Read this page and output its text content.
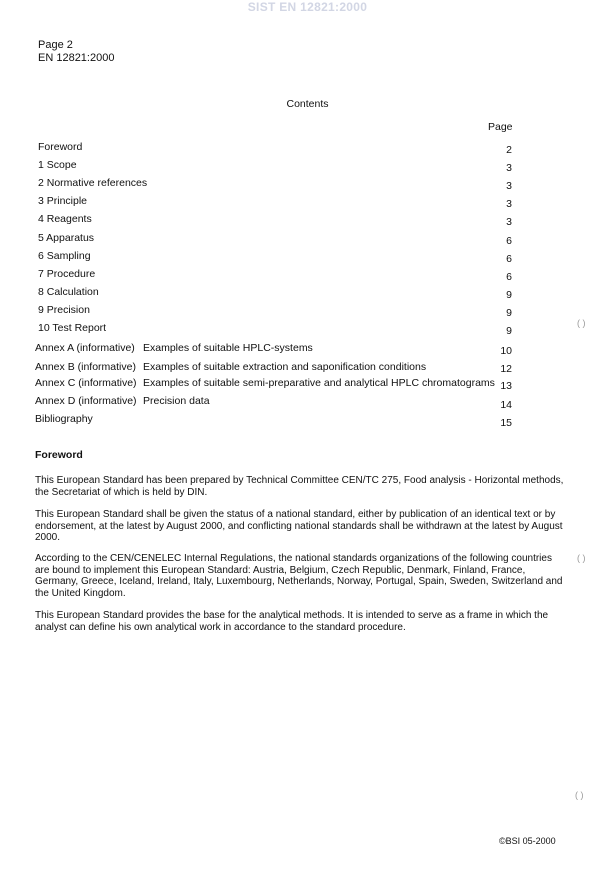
SIST EN 12821:2000
Page 2
EN 12821:2000
Contents
Page
Foreword	2
1 Scope	3
2 Normative references	3
3 Principle	3
4 Reagents	3
5 Apparatus	6
6 Sampling	6
7 Procedure	6
8 Calculation	9
9 Precision	9
10 Test Report	9
Annex A (informative) Examples of suitable HPLC-systems	10
Annex B (informative) Examples of suitable extraction and saponification conditions	12
Annex C (informative) Examples of suitable semi-preparative and analytical HPLC chromatograms 13
Annex D (informative) Precision data	14
Bibliography	15
Foreword
This European Standard has been prepared by Technical Committee CEN/TC 275, Food analysis - Horizontal methods, the Secretariat of which is held by DIN.
This European Standard shall be given the status of a national standard, either by publication of an identical text or by endorsement, at the latest by August 2000, and conflicting national standards shall be withdrawn at the latest by August 2000.
According to the CEN/CENELEC Internal Regulations, the national standards organizations of the following countries are bound to implement this European Standard: Austria, Belgium, Czech Republic, Denmark, Finland, France, Germany, Greece, Iceland, Ireland, Italy, Luxembourg, Netherlands, Norway, Portugal, Spain, Sweden, Switzerland and the United Kingdom.
This European Standard provides the base for the analytical methods. It is intended to serve as a frame in which the analyst can define his own analytical work in accordance to the standard procedure.
©BSI 05-2000
( )
( )
( )
